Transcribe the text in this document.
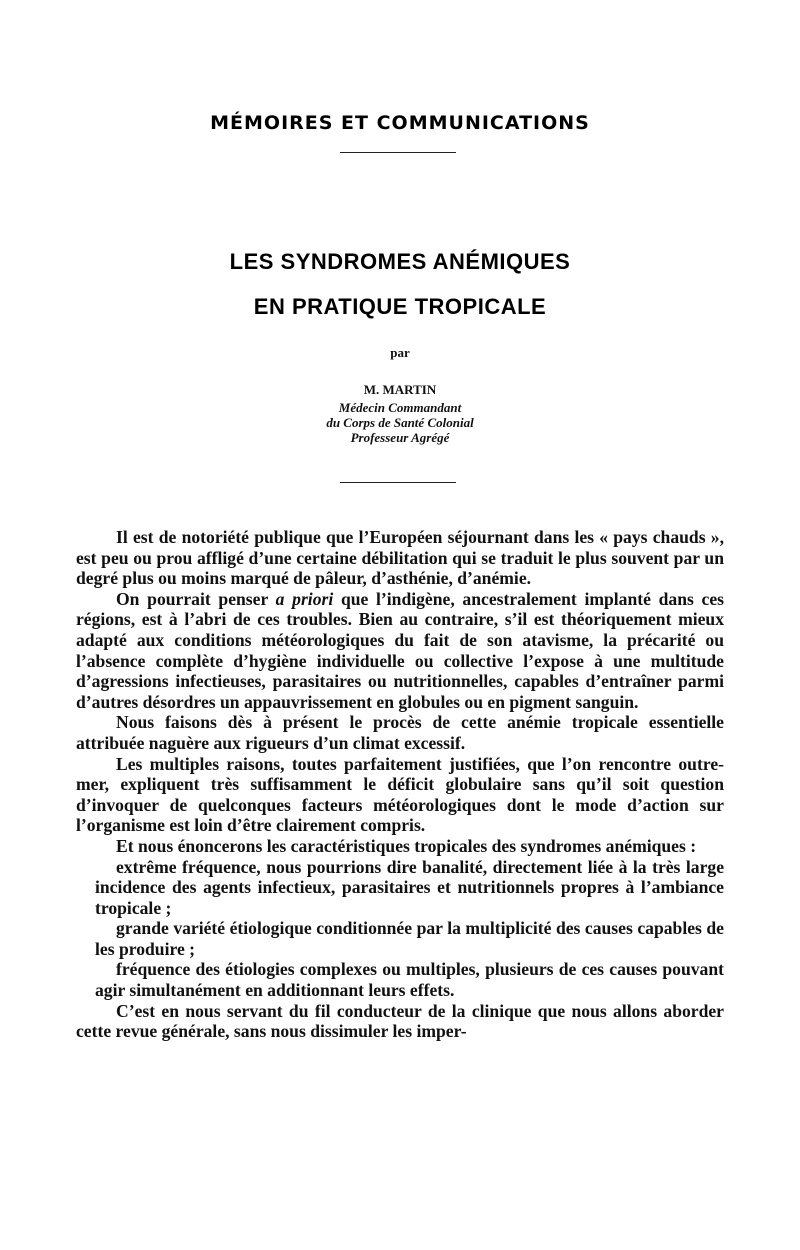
MÉMOIRES ET COMMUNICATIONS
LES SYNDROMES ANÉMIQUES
EN PRATIQUE TROPICALE
par
M. MARTIN
Médecin Commandant
du Corps de Santé Colonial
Professeur Agrégé

Il est de notoriété publique que l’Européen séjournant dans les « pays chauds », est peu ou prou affligé d’une certaine débilitation qui se traduit le plus souvent par un degré plus ou moins marqué de pâleur, d’asthénie, d’anémie.

On pourrait penser a priori que l’indigène, ancestralement implanté dans ces régions, est à l’abri de ces troubles. Bien au contraire, s’il est théoriquement mieux adapté aux conditions météorologiques du fait de son atavisme, la précarité ou l’absence complète d’hygiène individuelle ou collective l’expose à une multitude d’agressions infectieuses, parasitaires ou nutritionnelles, capables d’entraîner parmi d’autres désordres un appauvrissement en globules ou en pigment sanguin.

Nous faisons dès à présent le procès de cette anémie tropicale essentielle attribuée naguère aux rigueurs d’un climat excessif.

Les multiples raisons, toutes parfaitement justifiées, que l’on rencontre outre-mer, expliquent très suffisamment le déficit globulaire sans qu’il soit question d’invoquer de quelconques facteurs météorologiques dont le mode d’action sur l’organisme est loin d’être clairement compris.

Et nous énoncerons les caractéristiques tropicales des syndromes anémiques :

extrême fréquence, nous pourrions dire banalité, directement liée à la très large incidence des agents infectieux, parasitaires et nutritionnels propres à l’ambiance tropicale ;

grande variété étiologique conditionnée par la multiplicité des causes capables de les produire ;

fréquence des étiologies complexes ou multiples, plusieurs de ces causes pouvant agir simultanément en additionnant leurs effets.

C’est en nous servant du fil conducteur de la clinique que nous allons aborder cette revue générale, sans nous dissimuler les imper-
